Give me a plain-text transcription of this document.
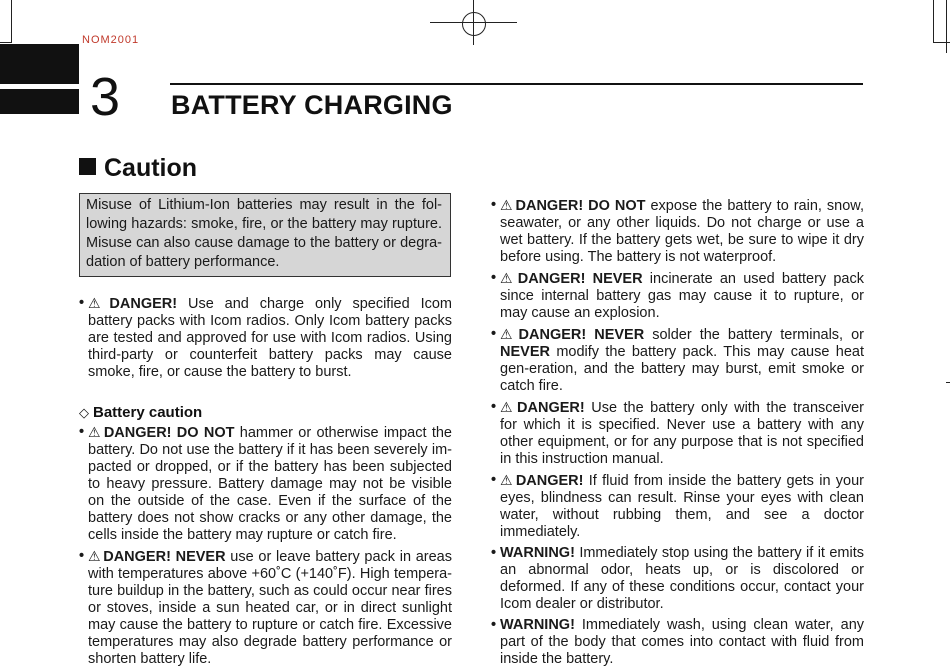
NOM2001
3 BATTERY CHARGING
Caution
Misuse of Lithium-Ion batteries may result in the fol-lowing hazards: smoke, fire, or the battery may rupture. Misuse can also cause damage to the battery or degra-dation of battery performance.
• ⚠ DANGER! Use and charge only specified Icom battery packs with Icom radios. Only Icom battery packs are tested and approved for use with Icom radios. Using third-party or counterfeit battery packs may cause smoke, fire, or cause the battery to burst.
◇ Battery caution
• ⚠ DANGER! DO NOT hammer or otherwise impact the battery. Do not use the battery if it has been severely im-pacted or dropped, or if the battery has been subjected to heavy pressure. Battery damage may not be visible on the outside of the case. Even if the surface of the battery does not show cracks or any other damage, the cells inside the battery may rupture or catch fire.
• ⚠ DANGER! NEVER use or leave battery pack in areas with temperatures above +60˚C (+140˚F). High tempera-ture buildup in the battery, such as could occur near fires or stoves, inside a sun heated car, or in direct sunlight may cause the battery to rupture or catch fire. Excessive temperatures may also degrade battery performance or shorten battery life.
• ⚠ DANGER! DO NOT expose the battery to rain, snow, seawater, or any other liquids. Do not charge or use a wet battery. If the battery gets wet, be sure to wipe it dry before using. The battery is not waterproof.
• ⚠ DANGER! NEVER incinerate an used battery pack since internal battery gas may cause it to rupture, or may cause an explosion.
• ⚠ DANGER! NEVER solder the battery terminals, or NEVER modify the battery pack. This may cause heat gen-eration, and the battery may burst, emit smoke or catch fire.
• ⚠ DANGER! Use the battery only with the transceiver for which it is specified. Never use a battery with any other equipment, or for any purpose that is not specified in this instruction manual.
• ⚠ DANGER! If fluid from inside the battery gets in your eyes, blindness can result. Rinse your eyes with clean water, without rubbing them, and see a doctor immediately.
• WARNING! Immediately stop using the battery if it emits an abnormal odor, heats up, or is discolored or deformed. If any of these conditions occur, contact your Icom dealer or distributor.
• WARNING! Immediately wash, using clean water, any part of the body that comes into contact with fluid from inside the battery.
